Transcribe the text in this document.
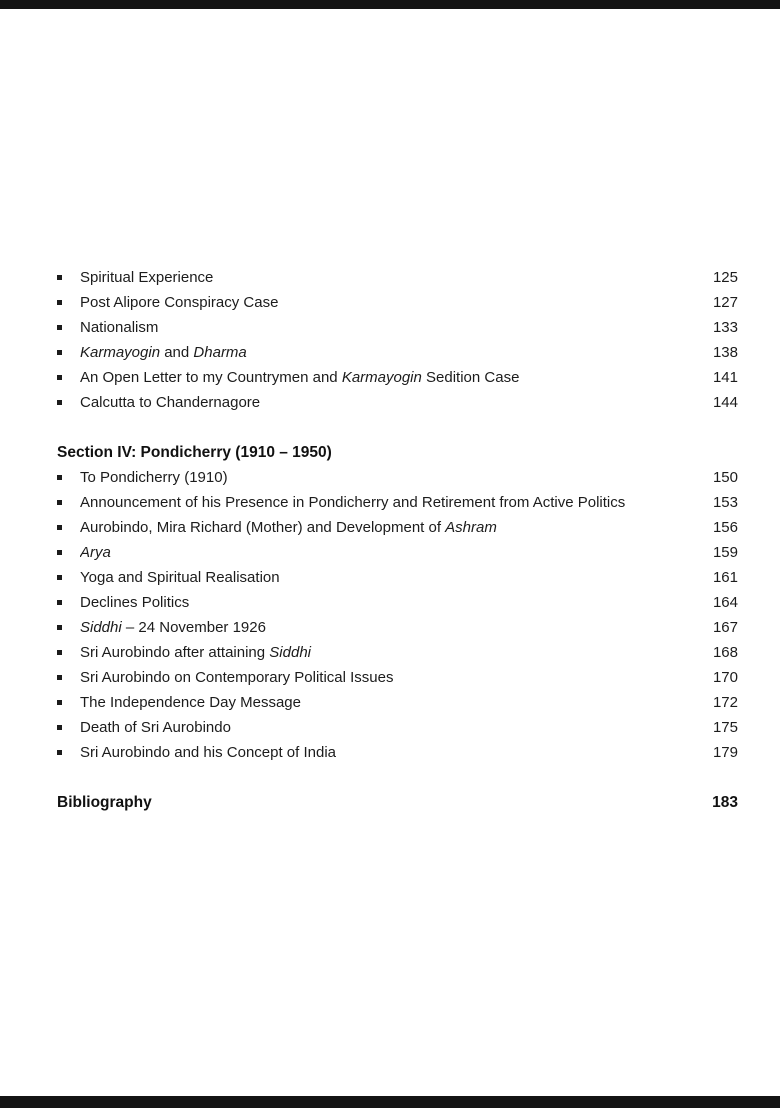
Spiritual Experience	125
Post Alipore Conspiracy Case	127
Nationalism	133
Karmayogin and Dharma	138
An Open Letter to my Countrymen and Karmayogin Sedition Case	141
Calcutta to Chandernagore	144
Section IV: Pondicherry (1910 – 1950)
To Pondicherry (1910)	150
Announcement of his Presence in Pondicherry and Retirement from Active Politics	153
Aurobindo, Mira Richard (Mother) and Development of Ashram	156
Arya	159
Yoga and Spiritual Realisation	161
Declines Politics	164
Siddhi – 24 November 1926	167
Sri Aurobindo after attaining Siddhi	168
Sri Aurobindo on Contemporary Political Issues	170
The Independence Day Message	172
Death of Sri Aurobindo	175
Sri Aurobindo and his Concept of India	179
Bibliography	183
